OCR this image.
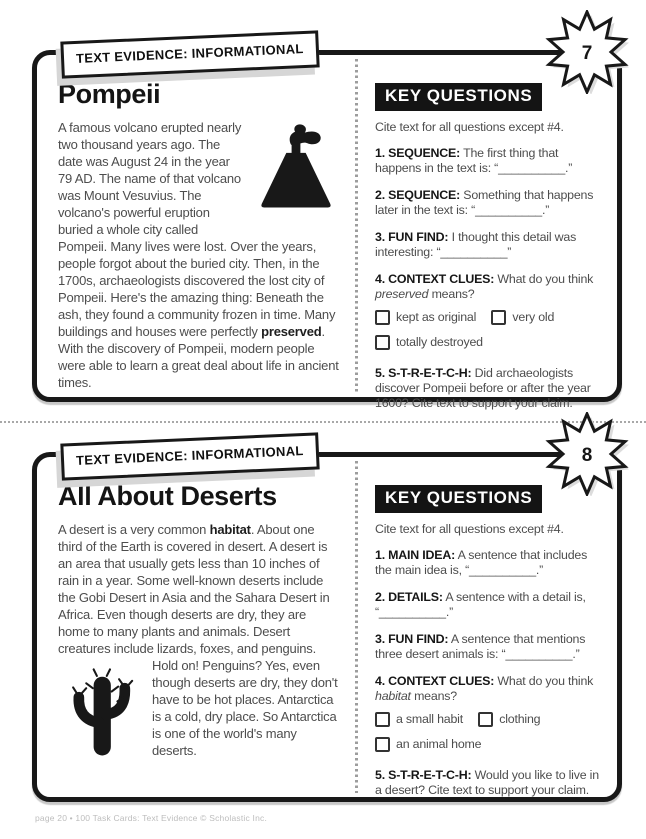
TEXT EVIDENCE: INFORMATIONAL	7
Pompeii
A famous volcano erupted nearly two thousand years ago. The date was August 24 in the year 79 AD. The name of that volcano was Mount Vesuvius. The volcano's powerful eruption buried a whole city called Pompeii. Many lives were lost. Over the years, people forgot about the buried city. Then, in the 1700s, archaeologists discovered the lost city of Pompeii. Here's the amazing thing: Beneath the ash, they found a community frozen in time. Many buildings and houses were perfectly preserved. With the discovery of Pompeii, modern people were able to learn a great deal about life in ancient times.
KEY QUESTIONS
Cite text for all questions except #4.
1. SEQUENCE: The first thing that happens in the text is: “__________.”
2. SEQUENCE: Something that happens later in the text is: “__________.”
3. FUN FIND: I thought this detail was interesting: “__________”
4. CONTEXT CLUES: What do you think preserved means?
kept as original
	very old

totally destroyed
5. S-T-R-E-T-C-H: Did archaeologists discover Pompeii before or after the year 1600? Cite text to support your claim.
TEXT EVIDENCE: INFORMATIONAL	8
All About Deserts
A desert is a very common habitat. About one third of the Earth is covered in desert. A desert is an area that usually gets less than 10 inches of rain in a year. Some well-known deserts include the Gobi Desert in Asia and the Sahara Desert in Africa. Even though deserts are dry, they are home to many plants and animals. Desert creatures include lizards, foxes, and penguins. Hold on! Penguins? Yes, even though deserts are dry, they don't have to be hot places. Antarctica is a cold, dry place. So Antarctica is one of the world's many deserts.
KEY QUESTIONS
Cite text for all questions except #4.
1. MAIN IDEA: A sentence that includes the main idea is, “__________.”
2. DETAILS: A sentence with a detail is, “__________.”
3. FUN FIND: A sentence that mentions three desert animals is: “__________.”
4. CONTEXT CLUES: What do you think habitat means?
a small habit
	clothing

an animal home
5. S-T-R-E-T-C-H: Would you like to live in a desert? Cite text to support your claim.
page 20 • 100 Task Cards: Text Evidence © Scholastic Inc.
